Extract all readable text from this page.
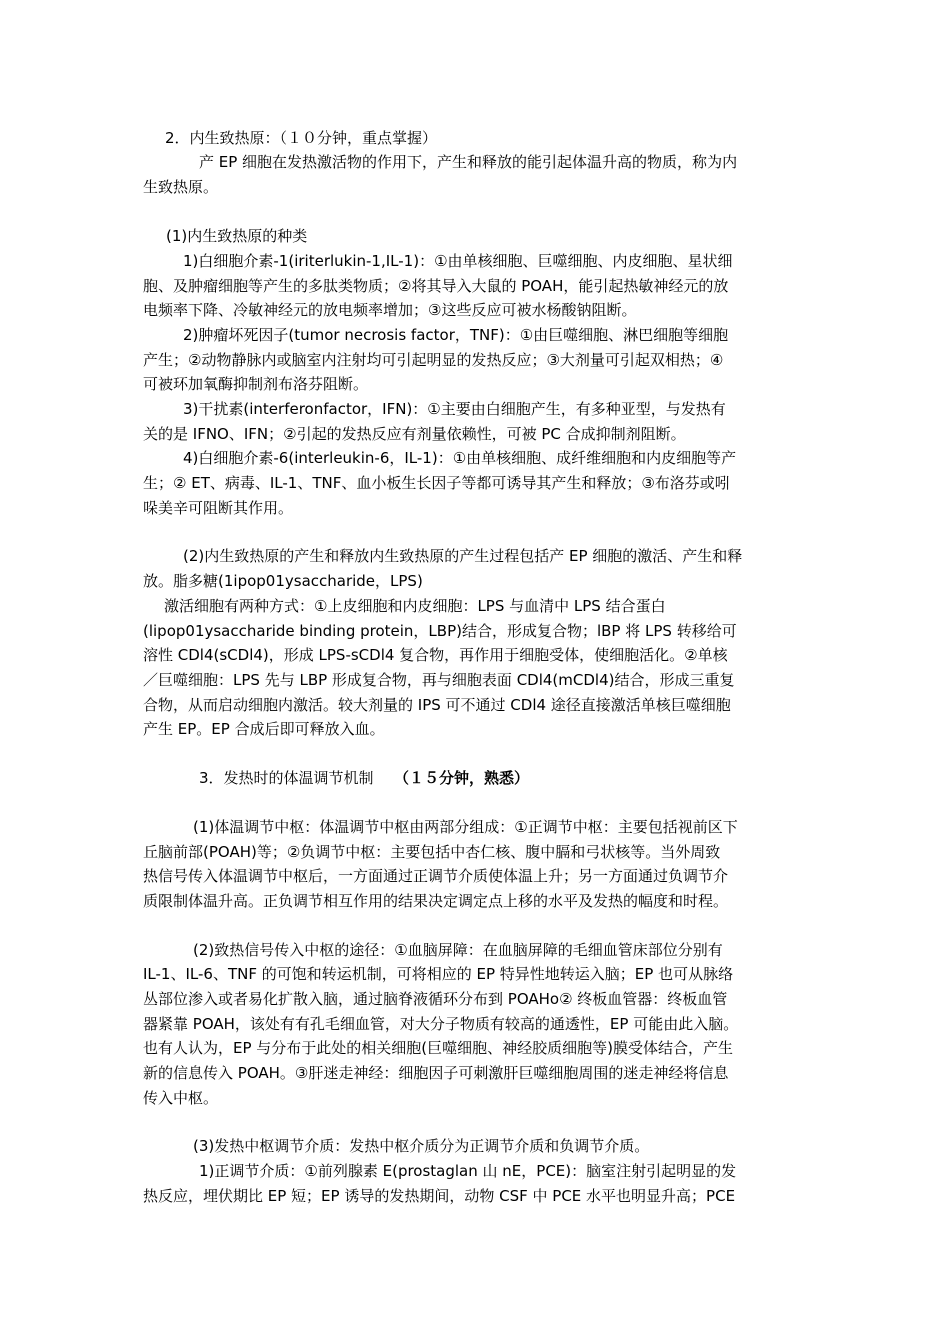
2．内生致热原：（１０分钟，重点掌握）
产 EP 细胞在发热激活物的作用下，产生和释放的能引起体温升高的物质，称为内
生致热原。
(1)内生致热原的种类
1)白细胞介素-1(iriterlukin-1,IL-1)：①由单核细胞、巨噬细胞、内皮细胞、星状细
胞、及肿瘤细胞等产生的多肽类物质；②将其导入大鼠的 POAH，能引起热敏神经元的放
电频率下降、冷敏神经元的放电频率增加；③这些反应可被水杨酸钠阻断。
2)肿瘤坏死因子(tumor necrosis factor，TNF)：①由巨噬细胞、淋巴细胞等细胞
产生；②动物静脉内或脑室内注射均可引起明显的发热反应；③大剂量可引起双相热；④
可被环加氧酶抑制剂布洛芬阻断。
3)干扰素(interferonfactor，IFN)：①主要由白细胞产生，有多种亚型，与发热有
关的是 IFNO、IFN；②引起的发热反应有剂量依赖性，可被 PC 合成抑制剂阻断。
4)白细胞介素-6(interleukin-6，IL-1)：①由单核细胞、成纤维细胞和内皮细胞等产
生；② ET、病毒、IL-1、TNF、血小板生长因子等都可诱导其产生和释放；③布洛芬或吲
哚美辛可阻断其作用。
(2)内生致热原的产生和释放内生致热原的产生过程包括产 EP 细胞的激活、产生和释
放。脂多糖(1ipop01ysaccharide，LPS)
激活细胞有两种方式：①上皮细胞和内皮细胞：LPS 与血清中 LPS 结合蛋白
(lipop01ysaccharide binding protein，LBP)结合，形成复合物；lBP 将 LPS 转移给可
溶性 CDl4(sCDl4)，形成 LPS-sCDl4 复合物，再作用于细胞受体，使细胞活化。②单核
／巨噬细胞：LPS 先与 LBP 形成复合物，再与细胞表面 CDl4(mCDl4)结合，形成三重复
合物，从而启动细胞内激活。较大剂量的 IPS 可不通过 CDl4 途径直接激活单核巨噬细胞
产生 EP。EP 合成后即可释放入血。
3．发热时的体温调节机制 （１５分钟，熟悉）
(1)体温调节中枢：体温调节中枢由两部分组成：①正调节中枢：主要包括视前区下
丘脑前部(POAH)等；②负调节中枢：主要包括中杏仁核、腹中膈和弓状核等。当外周致
热信号传入体温调节中枢后，一方面通过正调节介质使体温上升；另一方面通过负调节介
质限制体温升高。正负调节相互作用的结果决定调定点上移的水平及发热的幅度和时程。
(2)致热信号传入中枢的途径：①血脑屏障：在血脑屏障的毛细血管床部位分别有
IL-1、IL-6、TNF 的可饱和转运机制，可将相应的 EP 特异性地转运入脑；EP 也可从脉络
丛部位渗入或者易化扩散入脑，通过脑脊液循环分布到 POAHo② 终板血管器：终板血管
器紧靠 POAH，该处有有孔毛细血管，对大分子物质有较高的通透性，EP 可能由此入脑。
也有人认为，EP 与分布于此处的相关细胞(巨噬细胞、神经胶质细胞等)膜受体结合，产生
新的信息传入 POAH。③肝迷走神经：细胞因子可刺激肝巨噬细胞周围的迷走神经将信息
传入中枢。
(3)发热中枢调节介质：发热中枢介质分为正调节介质和负调节介质。
1)正调节介质：①前列腺素 E(prostaglan 山 nE，PCE)：脑室注射引起明显的发
热反应，埋伏期比 EP 短；EP 诱导的发热期间，动物 CSF 中 PCE 水平也明显升高；PCE
